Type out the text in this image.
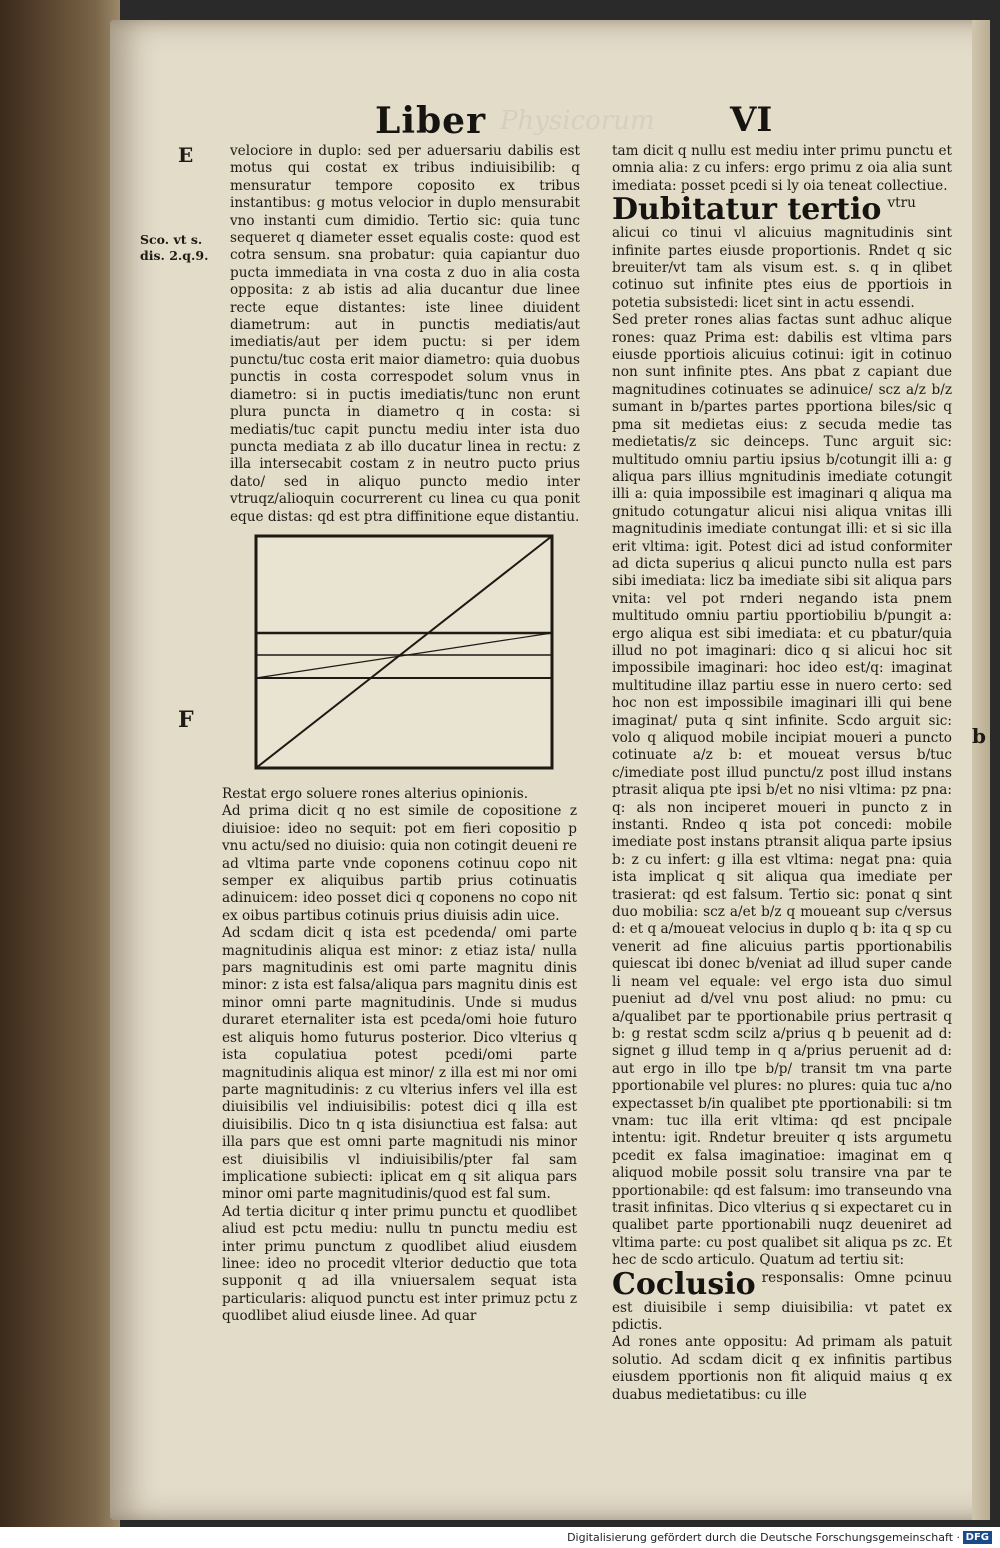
Physicorum
Liber	VI
E
Sco. vt s.
dis. 2.q.9.
F
b

velociore in duplo: sed per aduersariu dabilis est motus qui costat ex tribus indiuisibilib: q mensuratur tempore coposito ex tribus instantibus: g motus velocior in duplo mensurabit vno instanti cum dimidio. Tertio sic: quia tunc sequeret q diameter esset equalis coste: quod est cotra sensum. sna probatur: quia capiantur duo pucta immediata in vna costa z duo in alia costa opposita: z ab istis ad alia ducantur due linee recte eque distantes: iste linee diuident diametrum: aut in punctis mediatis/aut imediatis/aut per idem puctu: si per idem punctu/tuc costa erit maior diametro: quia duobus punctis in costa correspodet solum vnus in diametro: si in puctis imediatis/tunc non erunt plura puncta in diametro q in costa: si mediatis/tuc capit punctu mediu inter ista duo puncta mediata z ab illo ducatur linea in rectu: z illa intersecabit costam z in neutro pucto prius dato/ sed in aliquo puncto medio inter vtruqz/alioquin cocurrerent cu linea cu qua ponit eque distas: qd est ptra diffinitione eque distantiu.

Restat ergo soluere rones alterius opinionis.

Ad prima dicit q no est simile de copositione z diuisioe: ideo no sequit: pot em fieri copositio p vnu actu/sed no diuisio: quia non cotingit deueni re ad vltima parte vnde coponens cotinuu copo nit semper ex aliquibus partib prius cotinuatis adinuicem: ideo posset dici q coponens no copo nit ex oibus partibus cotinuis prius diuisis adin uice.

Ad scdam dicit q ista est pcedenda/ omi parte magnitudinis aliqua est minor: z etiaz ista/ nulla pars magnitudinis est omi parte magnitu dinis minor: z ista est falsa/aliqua pars magnitu dinis est minor omni parte magnitudinis. Unde si mudus duraret eternaliter ista est pceda/omi hoie futuro est aliquis homo futurus posterior. Dico vlterius q ista copulatiua potest pcedi/omi parte magnitudinis aliqua est minor/ z illa est mi nor omi parte magnitudinis: z cu vlterius infers vel illa est diuisibilis vel indiuisibilis: potest dici q illa est diuisibilis. Dico tn q ista disiunctiua est falsa: aut illa pars que est omni parte magnitudi nis minor est diuisibilis vl indiuisibilis/pter fal sam implicatione subiecti: iplicat em q sit aliqua pars minor omi parte magnitudinis/quod est fal sum.

Ad tertia dicitur q inter primu punctu et quodlibet aliud est pctu mediu: nullu tn punctu mediu est inter primu punctum z quodlibet aliud eiusdem linee: ideo no procedit vlterior deductio que tota supponit q ad illa vniuersalem sequat ista particularis: aliquod punctu est inter primuz pctu z quodlibet aliud eiusde linee. Ad quar

tam dicit q nullu est mediu inter primu punctu et omnia alia: z cu infers: ergo primu z oia alia sunt imediata: posset pcedi si ly oia teneat collectiue.

Dubitatur tertio vtru alicui co tinui vl alicuius magnitudinis sint infinite partes eiusde proportionis. Rndet q sic breuiter/vt tam als visum est. s. q in qlibet cotinuo sut infinite ptes eius de pportiois in potetia subsistedi: licet sint in actu essendi.

Sed preter rones alias factas sunt adhuc alique rones: quaz Prima est: dabilis est vltima pars eiusde pportiois alicuius cotinui: igit in cotinuo non sunt infinite ptes. Ans pbat z capiant due magnitudines cotinuates se adinuice/ scz a/z b/z sumant in b/partes partes pportiona biles/sic q pma sit medietas eius: z secuda medie tas medietatis/z sic deinceps. Tunc arguit sic: multitudo omniu partiu ipsius b/cotungit illi a: g aliqua pars illius mgnitudinis imediate cotungit illi a: quia impossibile est imaginari q aliqua ma gnitudo cotungatur alicui nisi aliqua vnitas illi magnitudinis imediate contungat illi: et si sic illa erit vltima: igit. Potest dici ad istud conformiter ad dicta superius q alicui puncto nulla est pars sibi imediata: licz ba imediate sibi sit aliqua pars vnita: vel pot rnderi negando ista pnem multitudo omniu partiu pportiobiliu b/pungit a: ergo aliqua est sibi imediata: et cu pbatur/quia illud no pot imaginari: dico q si alicui hoc sit impossibile imaginari: hoc ideo est/q: imaginat multitudine illaz partiu esse in nuero certo: sed hoc non est impossibile imaginari illi qui bene imaginat/ puta q sint infinite. Scdo arguit sic: volo q aliquod mobile incipiat moueri a puncto cotinuate a/z b: et moueat versus b/tuc c/imediate post illud punctu/z post illud instans ptrasit aliqua pte ipsi b/et no nisi vltima: pz pna: q: als non inciperet moueri in puncto z in instanti. Rndeo q ista pot concedi: mobile imediate post instans ptransit aliqua parte ipsius b: z cu infert: g illa est vltima: negat pna: quia ista implicat q sit aliqua qua imediate per trasierat: qd est falsum. Tertio sic: ponat q sint duo mobilia: scz a/et b/z q moueant sup c/versus d: et q a/moueat velocius in duplo q b: ita q sp cu venerit ad fine alicuius partis pportionabilis quiescat ibi donec b/veniat ad illud super cande li neam vel equale: vel ergo ista duo simul pueniut ad d/vel vnu post aliud: no pmu: cu a/qualibet par te pportionabile prius pertrasit q b: g restat scdm scilz a/prius q b peuenit ad d: signet g illud temp in q a/prius peruenit ad d: aut ergo in illo tpe b/p/ transit tm vna parte pportionabile vel plures: no plures: quia tuc a/no expectasset b/in qualibet pte pportionabili: si tm vnam: tuc illa erit vltima: qd est pncipale intentu: igit. Rndetur breuiter q ists argumetu pcedit ex falsa imaginatioe: imaginat em q aliquod mobile possit solu transire vna par te pportionabile: qd est falsum: imo transeundo vna trasit infinitas. Dico vlterius q si expectaret cu in qualibet parte pportionabili nuqz deueniret ad vltima parte: cu post qualibet sit aliqua ps zc. Et hec de scdo articulo. Quatum ad tertiu sit:

Coclusio responsalis: Omne pcinuu est diuisibile i semp diuisibilia: vt patet ex pdictis.

Ad rones ante oppositu: Ad primam als patuit solutio. Ad scdam dicit q ex infinitis partibus eiusdem pportionis non fit aliquid maius q ex duabus medietatibus: cu ille

Digitalisierung gefördert durch die Deutsche Forschungsgemeinschaft · DFG
